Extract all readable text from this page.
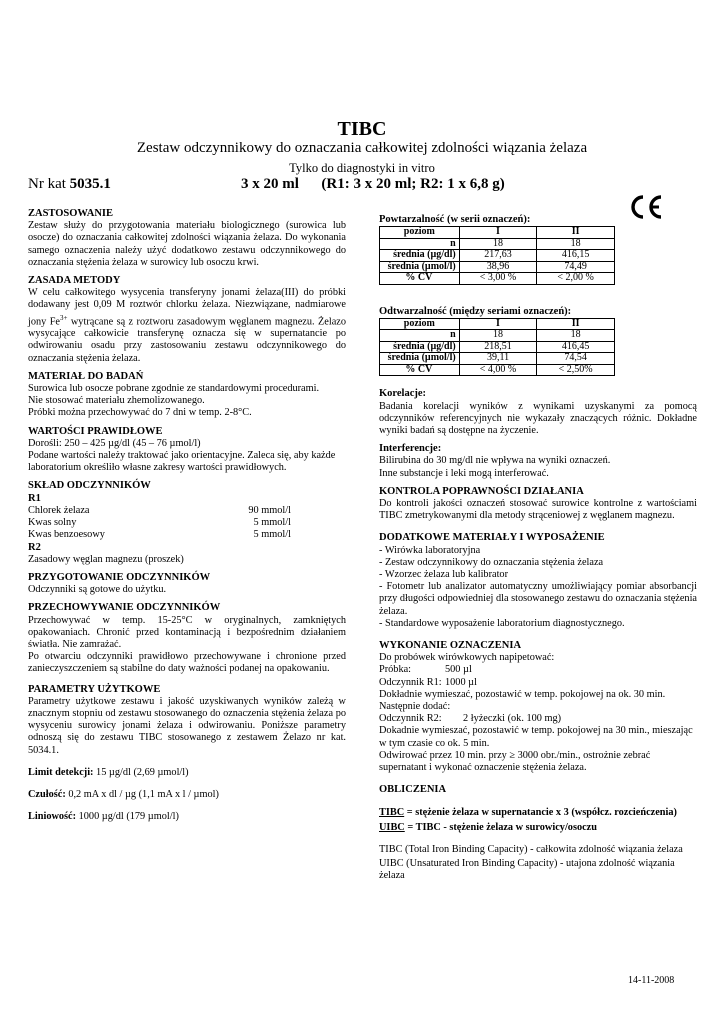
TIBC
Zestaw odczynnikowy do oznaczania całkowitej zdolności wiązania żelaza
Tylko do diagnostyki in vitro
Nr kat 5035.1	3 x 20 ml (R1: 3 x 20 ml; R2: 1 x 6,8 g)

ZASTOSOWANIE

Zestaw służy do przygotowania materiału biologicznego (surowica lub osocze) do oznaczania całkowitej zdolności wiązania żelaza. Do wykonania samego oznaczenia należy użyć dodatkowo zestawu odczynnikowego do oznaczania stężenia żelaza w surowicy lub osoczu krwi.

ZASADA METODY

W celu całkowitego wysycenia transferyny jonami żelaza(III) do próbki dodawany jest 0,09 M roztwór chlorku żelaza. Niezwiązane, nadmiarowe jony $Fe^{3+}$ wytrącane są z roztworu zasadowym węglanem magnezu. Żelazo wysycające całkowicie transferynę oznacza się w supernatancie po odwirowaniu osadu przy zastosowaniu zestawu odczynnikowego do oznaczania stężenia żelaza.

MATERIAŁ DO BADAŃ

Surowica lub osocze pobrane zgodnie ze standardowymi procedurami.

Nie stosować materiału zhemolizowanego.

Próbki można przechowywać do 7 dni w temp. 2-8°C.

WARTOŚCI PRAWIDŁOWE

Dorośli: 250 – 425 µg/dl (45 – 76 µmol/l)

Podane wartości należy traktować jako orientacyjne. Zaleca się, aby każde laboratorium określiło własne zakresy wartości prawidłowych.

SKŁAD ODCZYNNIKÓW

R1

Chlorek żelaza	90 mmol/l
Kwas solny	5 mmol/l
Kwas benzoesowy	5 mmol/l

R2

Zasadowy węglan magnezu (proszek)

PRZYGOTOWANIE ODCZYNNIKÓW

Odczynniki są gotowe do użytku.

PRZECHOWYWANIE ODCZYNNIKÓW

Przechowywać w temp. 15-25°C w oryginalnych, zamkniętych opakowaniach. Chronić przed kontaminacją i bezpośrednim działaniem światła. Nie zamrażać.

Po otwarciu odczynniki prawidłowo przechowywane i chronione przed zanieczyszczeniem są stabilne do daty ważności podanej na opakowaniu.

PARAMETRY UŻYTKOWE

Parametry użytkowe zestawu i jakość uzyskiwanych wyników zależą w znacznym stopniu od zestawu stosowanego do oznaczenia stężenia żelaza po wysyceniu surowicy jonami żelaza i odwirowaniu. Poniższe parametry odnoszą się do zestawu TIBC stosowanego z zestawem Żelazo nr kat. 5034.1.

Limit detekcji: 15 µg/dl (2,69 µmol/l)

Czułość: 0,2 mA x dl / µg (1,1 mA x l / µmol)

Liniowość: 1000 µg/dl (179 µmol/l)

Powtarzalność (w serii oznaczeń):

poziom	I	II
n	18	18
średnia (µg/dl)	217,63	416,15
średnia (µmol/l)	38,96	74,49
% CV	< 3,00 %	< 2,00 %

Odtwarzalność (między seriami oznaczeń):

poziom	I	II
n	18	18
średnia (µg/dl)	218,51	416,45
średnia (µmol/l)	39,11	74,54
% CV	< 4,00 %	< 2,50%

Korelacje:

Badania korelacji wyników z wynikami uzyskanymi za pomocą odczynników referencyjnych nie wykazały znaczących różnic. Dokładne wyniki badań są dostępne na życzenie.

Interferencje:

Bilirubina do 30 mg/dl nie wpływa na wyniki oznaczeń.

Inne substancje i leki mogą interferować.

KONTROLA POPRAWNOŚCI DZIAŁANIA

Do kontroli jakości oznaczeń stosować surowice kontrolne z wartościami TIBC zmetrykowanymi dla metody strąceniowej z węglanem magnezu.

DODATKOWE MATERIAŁY I WYPOSAŻENIE

- Wirówka laboratoryjna

- Zestaw odczynnikowy do oznaczania stężenia żelaza

- Wzorzec żelaza lub kalibrator

- Fotometr lub analizator automatyczny umożliwiający pomiar absorbancji przy długości odpowiedniej dla stosowanego zestawu do oznaczania stężenia żelaza.

- Standardowe wyposażenie laboratorium diagnostycznego.

WYKONANIE OZNACZENIA

Do probówek wirówkowych napipetować:

Próbka:	500 µl

Odczynnik R1: 1000 µl

Dokładnie wymieszać, pozostawić w temp. pokojowej na ok. 30 min.

Następnie dodać:

Odczynnik R2: 2 łyżeczki (ok. 100 mg)

Dokadnie wymieszać, pozostawić w temp. pokojowej na 30 min., mieszając w tym czasie co ok. 5 min.

Odwirować przez 10 min. przy ≥ 3000 obr./min., ostrożnie zebrać supernatant i wykonać oznaczenie stężenia żelaza.

OBLICZENIA

TIBC = stężenie żelaza w supernatancie x 3 (współcz. rozcieńczenia)

UIBC = TIBC - stężenie żelaza w surowicy/osoczu

TIBC (Total Iron Binding Capacity) - całkowita zdolność wiązania żelaza

UIBC (Unsaturated Iron Binding Capacity) - utajona zdolność wiązania żelaza

14-11-2008
